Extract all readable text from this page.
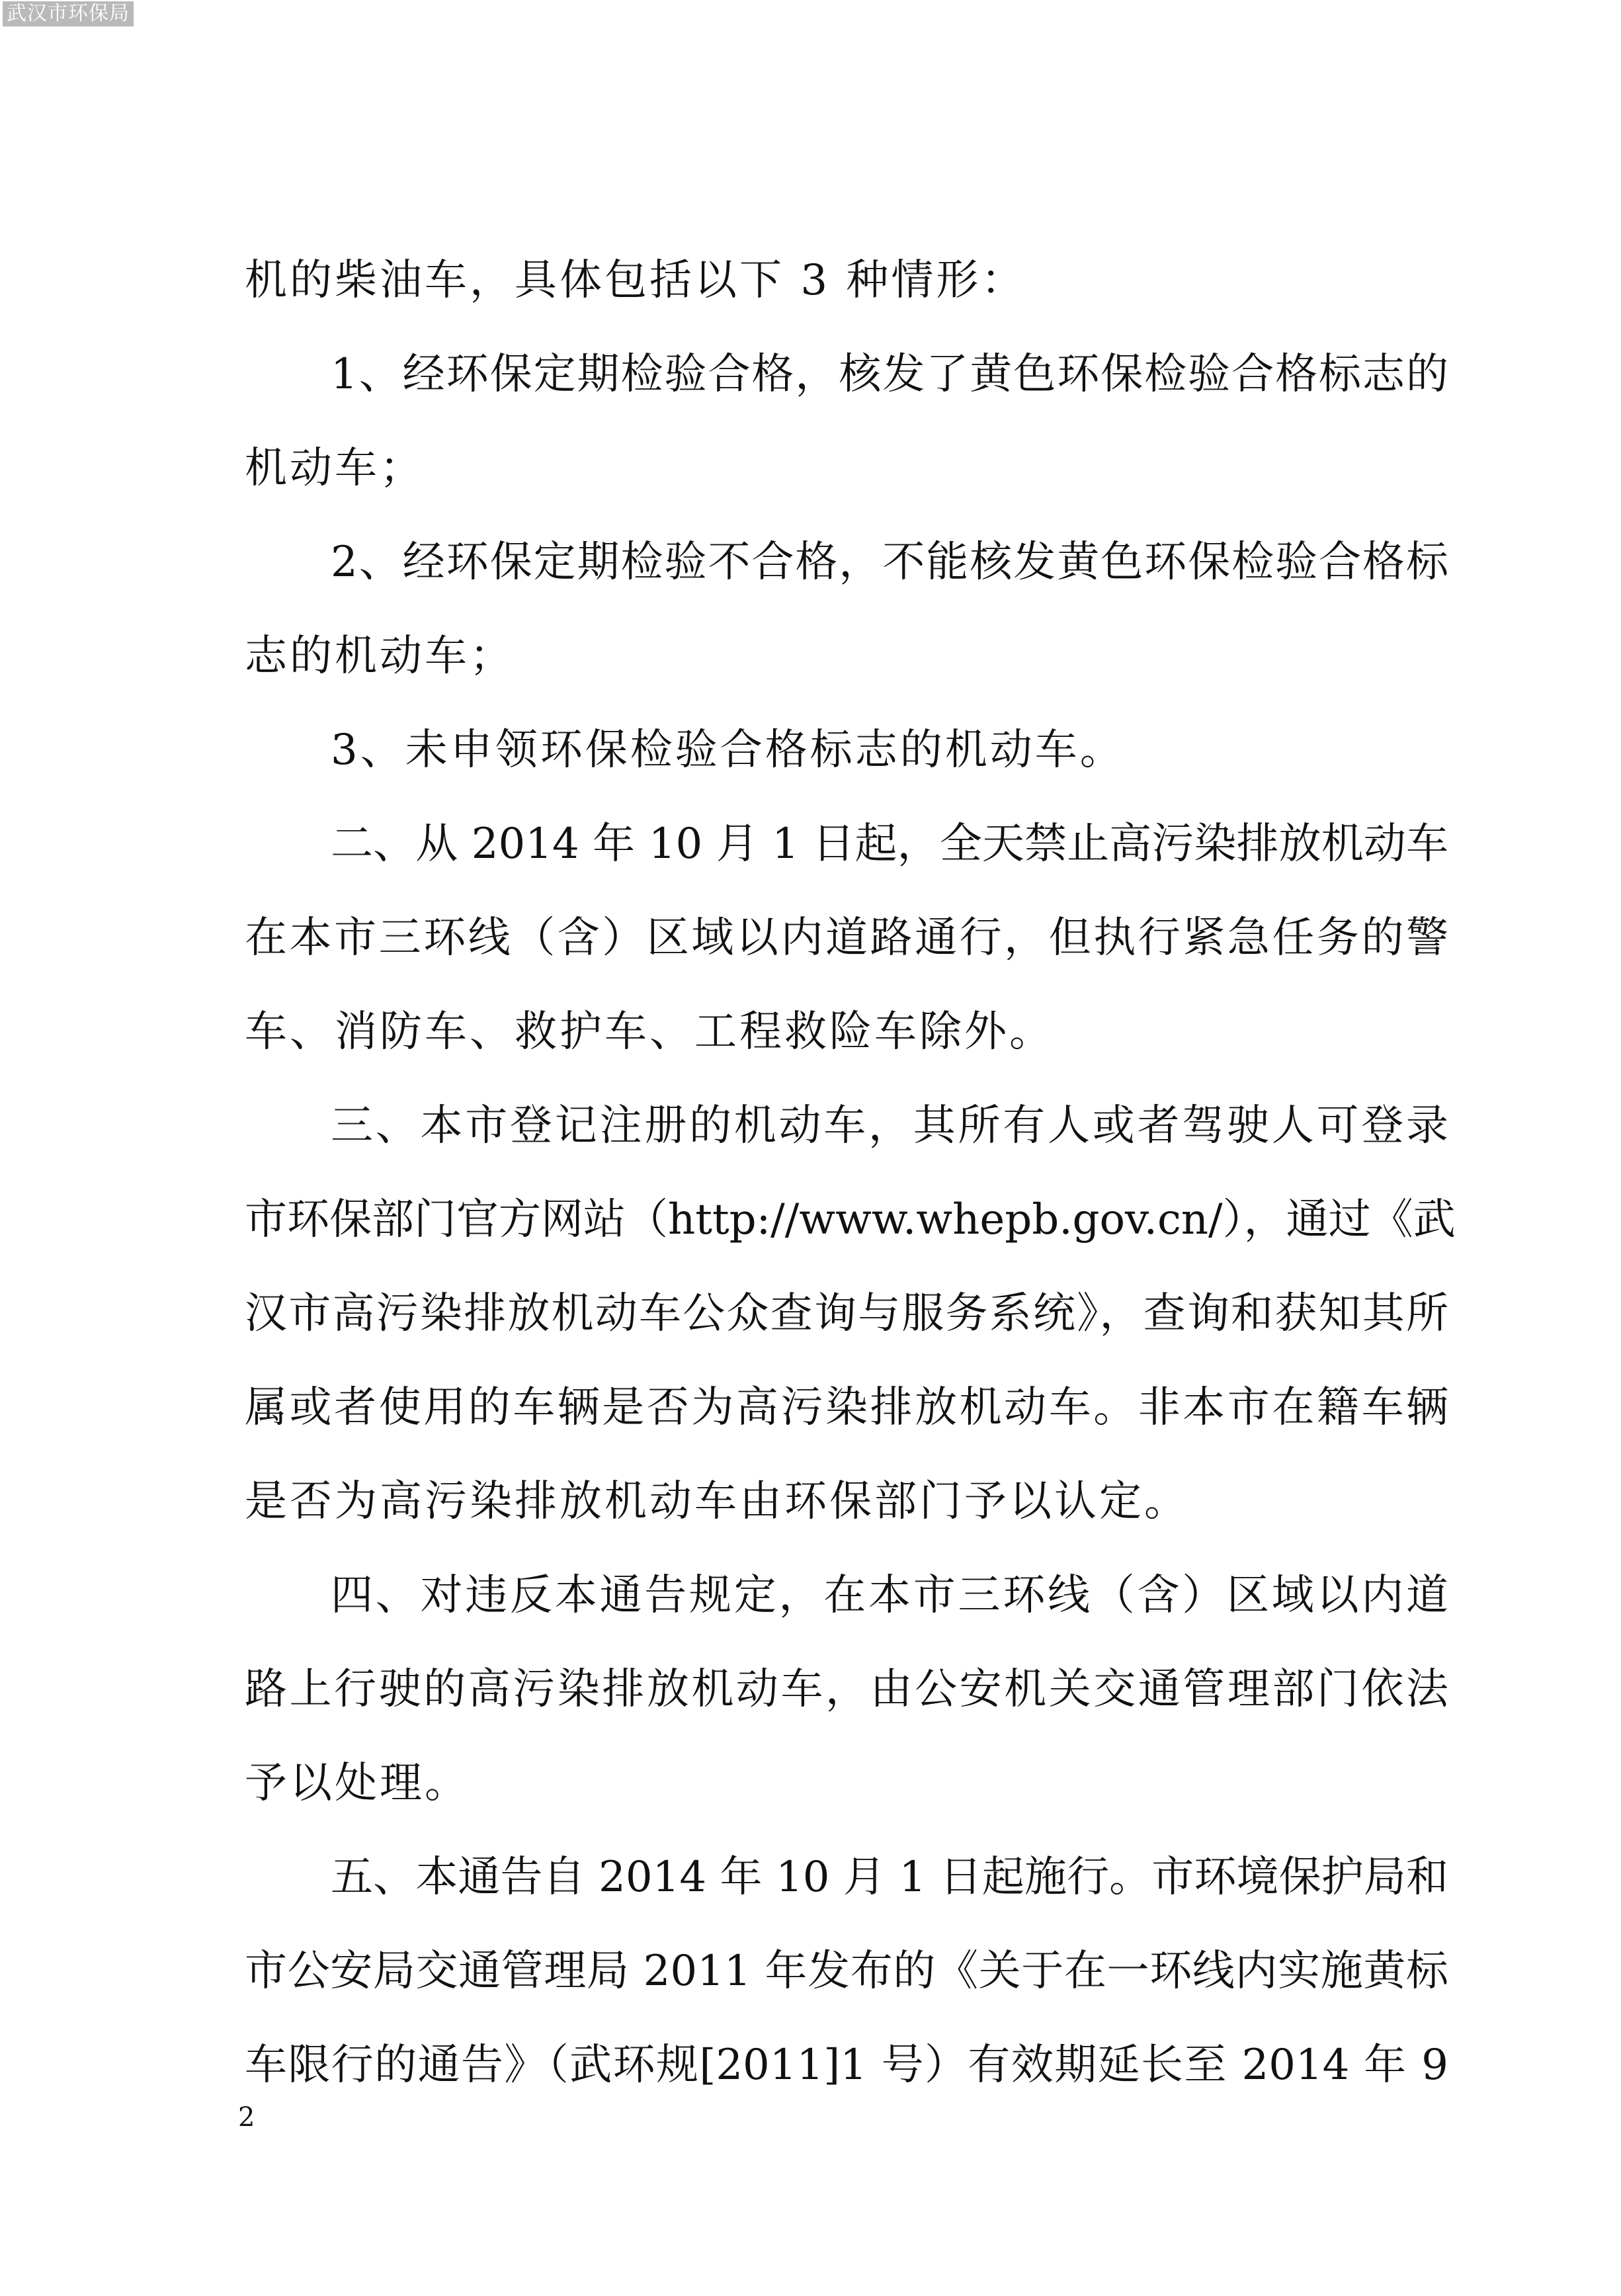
武汉市环保局
机的柴油车，具体包括以下 3 种情形：
1、经环保定期检验合格，核发了黄色环保检验合格标志的
机动车；
2、经环保定期检验不合格，不能核发黄色环保检验合格标
志的机动车；
3、未申领环保检验合格标志的机动车。
二、从 2014 年 10 月 1 日起，全天禁止高污染排放机动车
在本市三环线（含）区域以内道路通行，但执行紧急任务的警
车、消防车、救护车、工程救险车除外。
三、本市登记注册的机动车，其所有人或者驾驶人可登录
市环保部门官方网站（http://www.whepb.gov.cn/），通过《武
汉市高污染排放机动车公众查询与服务系统》，查询和获知其所
属或者使用的车辆是否为高污染排放机动车。非本市在籍车辆
是否为高污染排放机动车由环保部门予以认定。
四、对违反本通告规定，在本市三环线（含）区域以内道
路上行驶的高污染排放机动车，由公安机关交通管理部门依法
予以处理。
五、本通告自 2014 年 10 月 1 日起施行。市环境保护局和
市公安局交通管理局 2011 年发布的《关于在一环线内实施黄标
车限行的通告》（武环规[2011]1 号）有效期延长至 2014 年 9
2
